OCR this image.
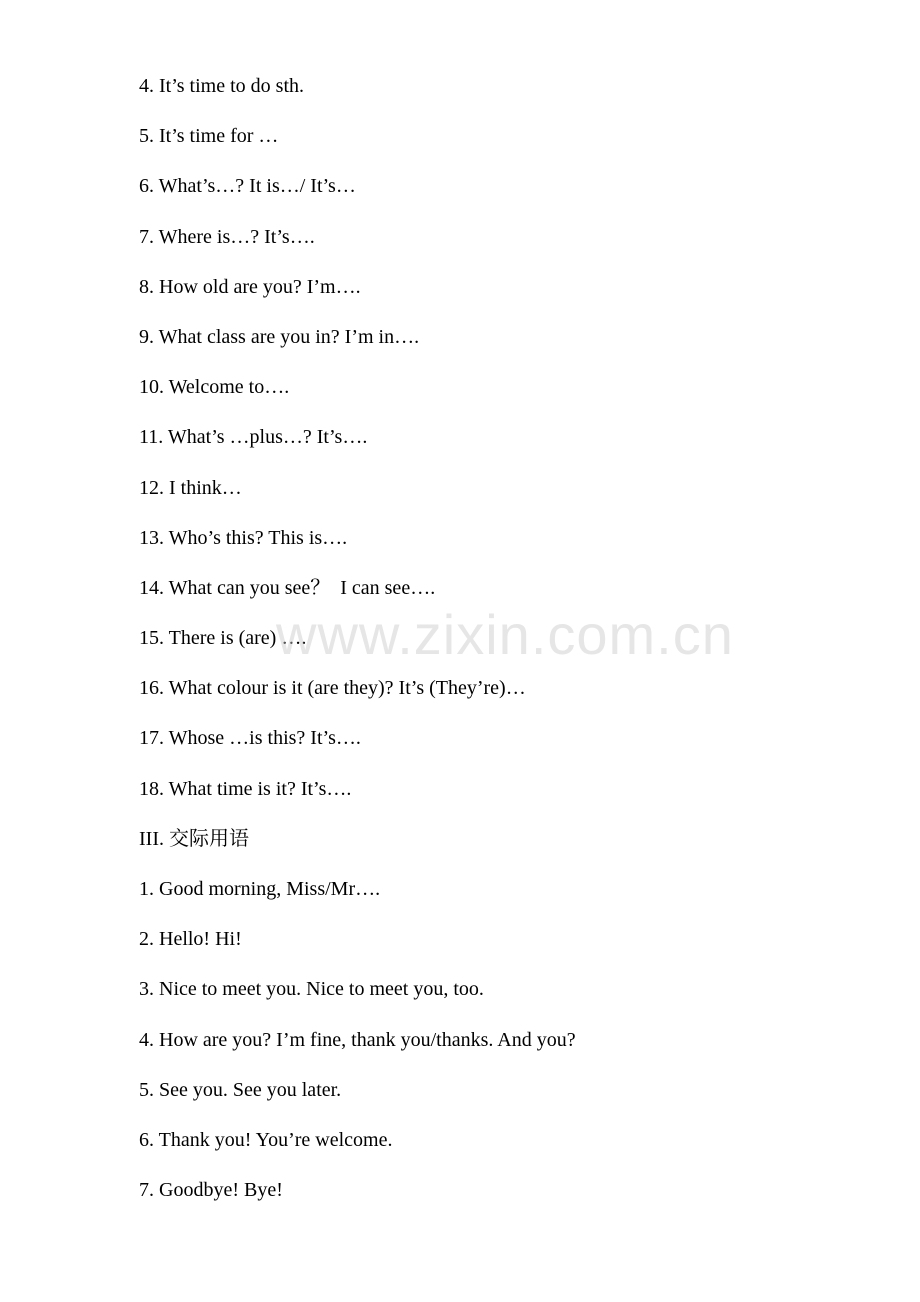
4. It’s time to do sth.
5. It’s time for …
6. What’s…? It is…/ It’s…
7. Where is…? It’s….
8. How old are you? I’m….
9. What class are you in? I’m in….
10. Welcome to….
11. What’s …plus…? It’s….
12. I think…
13. Who’s this? This is….
14. What can you see？  I can see….
15. There is (are) ….
16. What colour is it (are they)? It’s (They’re)…
17. Whose …is this? It’s….
18. What time is it? It’s….
III. 交际用语
1. Good morning, Miss/Mr….
2. Hello! Hi!
3. Nice to meet you. Nice to meet you, too.
4. How are you? I’m fine, thank you/thanks. And you?
5. See you. See you later.
6. Thank you! You’re welcome.
7. Goodbye! Bye!
www.zixin.com.cn
